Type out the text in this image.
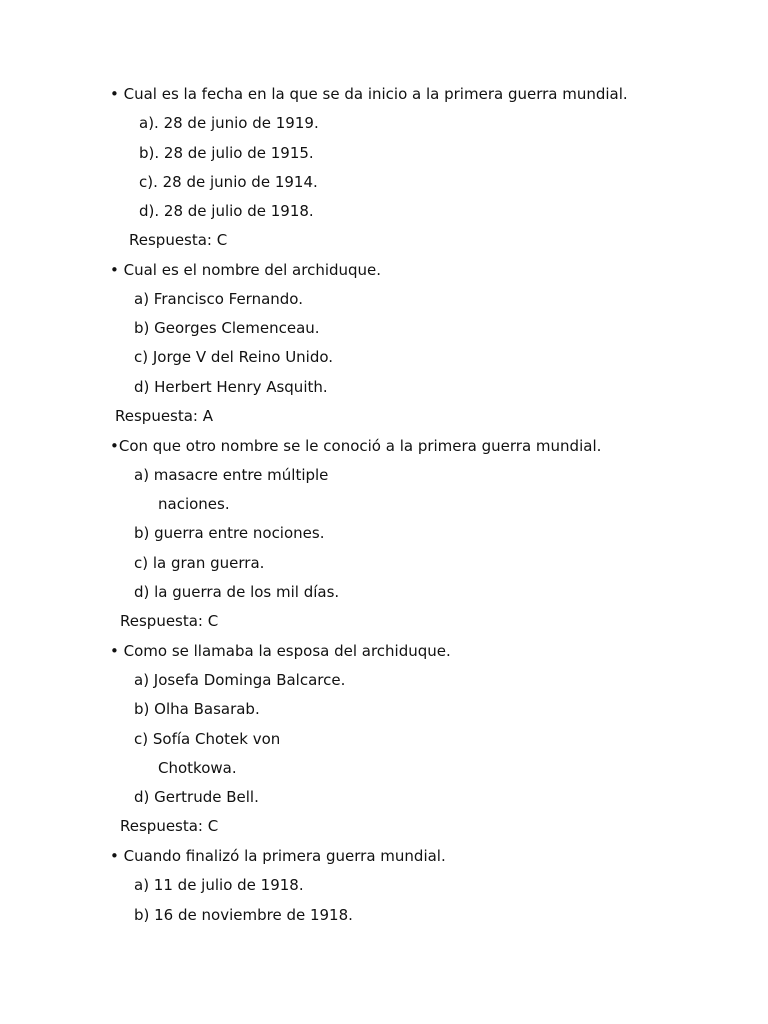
• Cual es la fecha en la que se da inicio a la primera guerra mundial.
a). 28 de junio de 1919.
b). 28 de julio de 1915.
c). 28 de junio de 1914.
d). 28 de julio de 1918.
Respuesta: C
• Cual es el nombre del archiduque.
a) Francisco Fernando.
b) Georges Clemenceau.
c) Jorge V del Reino Unido.
d) Herbert Henry Asquith.
Respuesta: A
•Con que otro nombre se le conoció a la primera guerra mundial.
a) masacre entre múltiple
naciones.
b) guerra entre nociones.
c) la gran guerra.
d) la guerra de los mil días.
Respuesta: C
• Como se llamaba la esposa del archiduque.
a) Josefa Dominga Balcarce.
b) Olha Basarab.
c) Sofía Chotek von
Chotkowa.
d) Gertrude Bell.
Respuesta: C
• Cuando finalizó la primera guerra mundial.
a) 11 de julio de 1918.
b) 16 de noviembre de 1918.
